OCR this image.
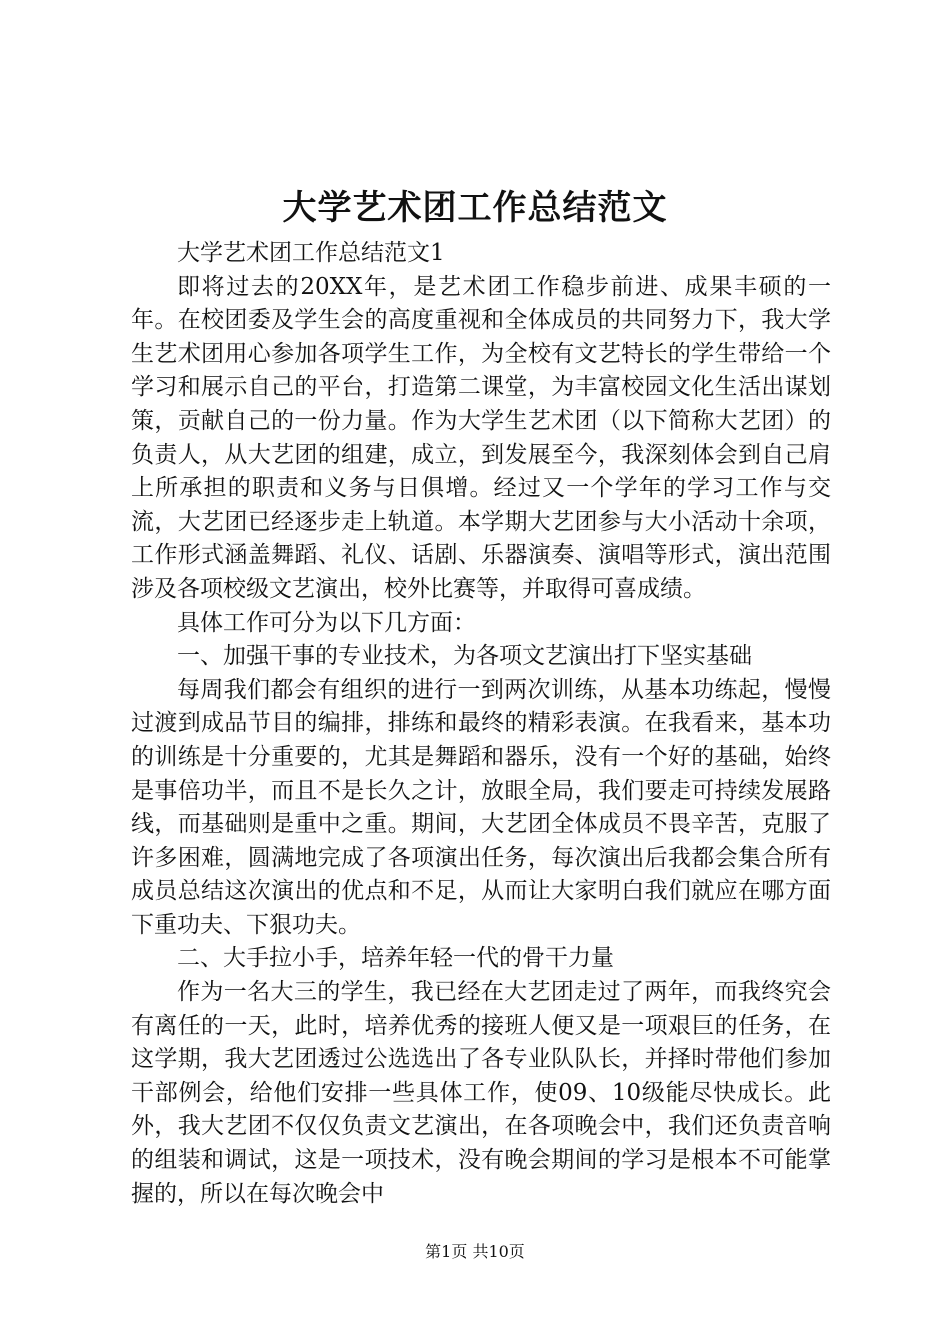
大学艺术团工作总结范文

大学艺术团工作总结范文1

即将过去的20XX年，是艺术团工作稳步前进、成果丰硕的一年。在校团委及学生会的高度重视和全体成员的共同努力下，我大学生艺术团用心参加各项学生工作，为全校有文艺特长的学生带给一个学习和展示自己的平台，打造第二课堂，为丰富校园文化生活出谋划策，贡献自己的一份力量。作为大学生艺术团（以下简称大艺团）的负责人，从大艺团的组建，成立，到发展至今，我深刻体会到自己肩上所承担的职责和义务与日俱增。经过又一个学年的学习工作与交流，大艺团已经逐步走上轨道。本学期大艺团参与大小活动十余项，工作形式涵盖舞蹈、礼仪、话剧、乐器演奏、演唱等形式，演出范围涉及各项校级文艺演出，校外比赛等，并取得可喜成绩。

具体工作可分为以下几方面：

一、加强干事的专业技术，为各项文艺演出打下坚实基础

每周我们都会有组织的进行一到两次训练，从基本功练起，慢慢过渡到成品节目的编排，排练和最终的精彩表演。在我看来，基本功的训练是十分重要的，尤其是舞蹈和器乐，没有一个好的基础，始终是事倍功半，而且不是长久之计，放眼全局，我们要走可持续发展路线，而基础则是重中之重。期间，大艺团全体成员不畏辛苦，克服了许多困难，圆满地完成了各项演出任务，每次演出后我都会集合所有成员总结这次演出的优点和不足，从而让大家明白我们就应在哪方面下重功夫、下狠功夫。

二、大手拉小手，培养年轻一代的骨干力量

作为一名大三的学生，我已经在大艺团走过了两年，而我终究会有离任的一天，此时，培养优秀的接班人便又是一项艰巨的任务，在这学期，我大艺团透过公选选出了各专业队队长，并择时带他们参加干部例会，给他们安排一些具体工作，使09、10级能尽快成长。此外，我大艺团不仅仅负责文艺演出，在各项晚会中，我们还负责音响的组装和调试，这是一项技术，没有晚会期间的学习是根本不可能掌握的，所以在每次晚会中

第1页 共10页
